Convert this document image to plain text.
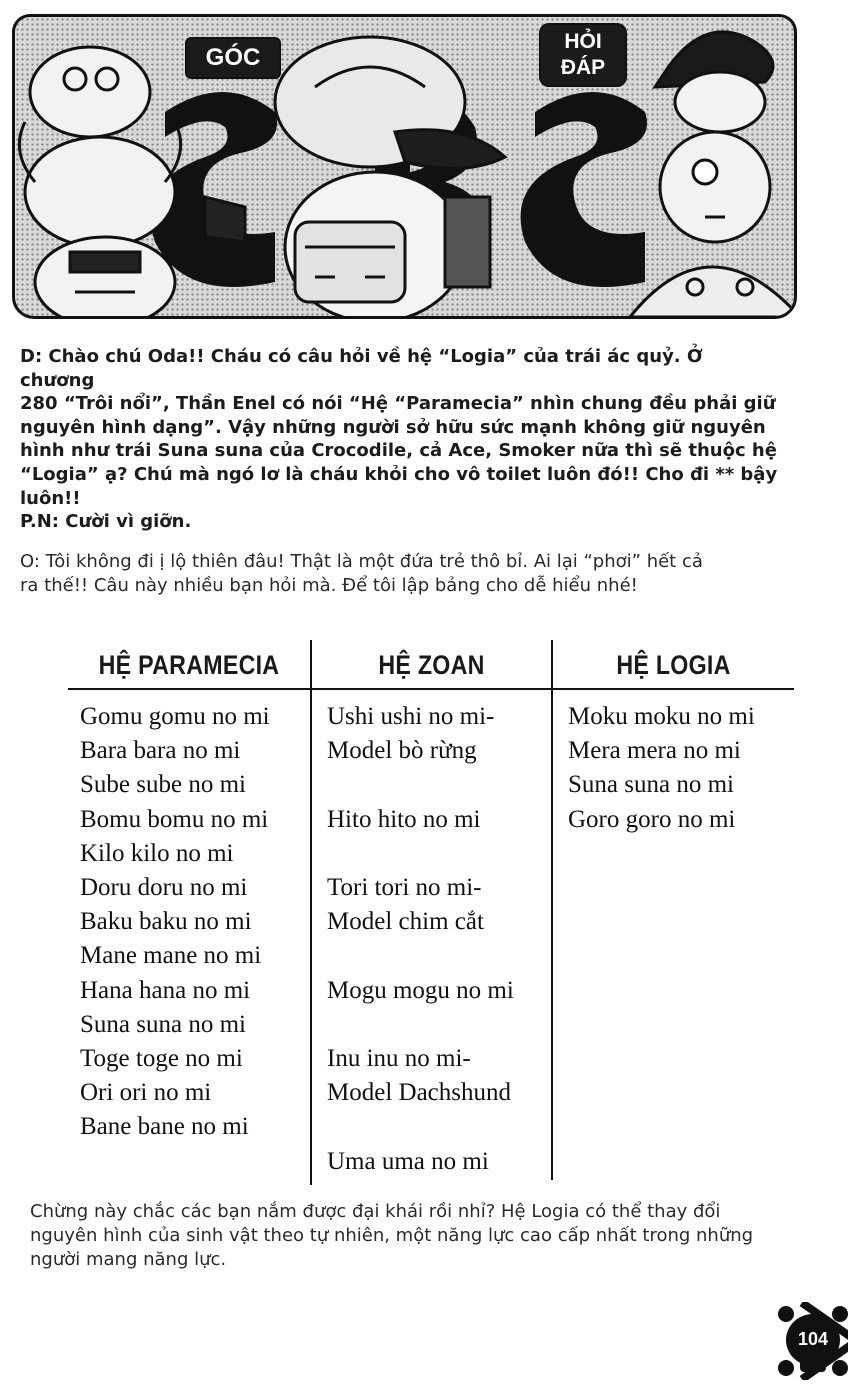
GÓC
HỎI
ĐÁP
D: Chào chú Oda!! Cháu có câu hỏi về hệ “Logia” của trái ác quỷ. Ở chương
280 “Trôi nổi”, Thần Enel có nói “Hệ “Paramecia” nhìn chung đều phải giữ
nguyên hình dạng”. Vậy những người sở hữu sức mạnh không giữ nguyên
hình như trái Suna suna của Crocodile, cả Ace, Smoker nữa thì sẽ thuộc hệ
“Logia” ạ? Chú mà ngó lơ là cháu khỏi cho vô toilet luôn đó!! Cho đi ** bậy
luôn!!
P.N: Cười vì giỡn.
O: Tôi không đi ị lộ thiên đâu! Thật là một đứa trẻ thô bỉ. Ai lại “phơi” hết cả
ra thế!! Câu này nhiều bạn hỏi mà. Để tôi lập bảng cho dễ hiểu nhé!
HỆ PARAMECIA	HỆ ZOAN	HỆ LOGIA
Gomu gomu no mi
Bara bara no mi
Sube sube no mi
Bomu bomu no mi
Kilo kilo no mi
Doru doru no mi
Baku baku no mi
Mane mane no mi
Hana hana no mi
Suna suna no mi
Toge toge no mi
Ori ori no mi
Bane bane no mi
Ushi ushi no mi-
Model bò rừng
Hito hito no mi
Tori tori no mi-
Model chim cắt
Mogu mogu no mi
Inu inu no mi-
Model Dachshund
Uma uma no mi
Moku moku no mi
Mera mera no mi
Suna suna no mi
Goro goro no mi
Chừng này chắc các bạn nắm được đại khái rồi nhỉ? Hệ Logia có thể thay đổi
nguyên hình của sinh vật theo tự nhiên, một năng lực cao cấp nhất trong những
người mang năng lực.
104
